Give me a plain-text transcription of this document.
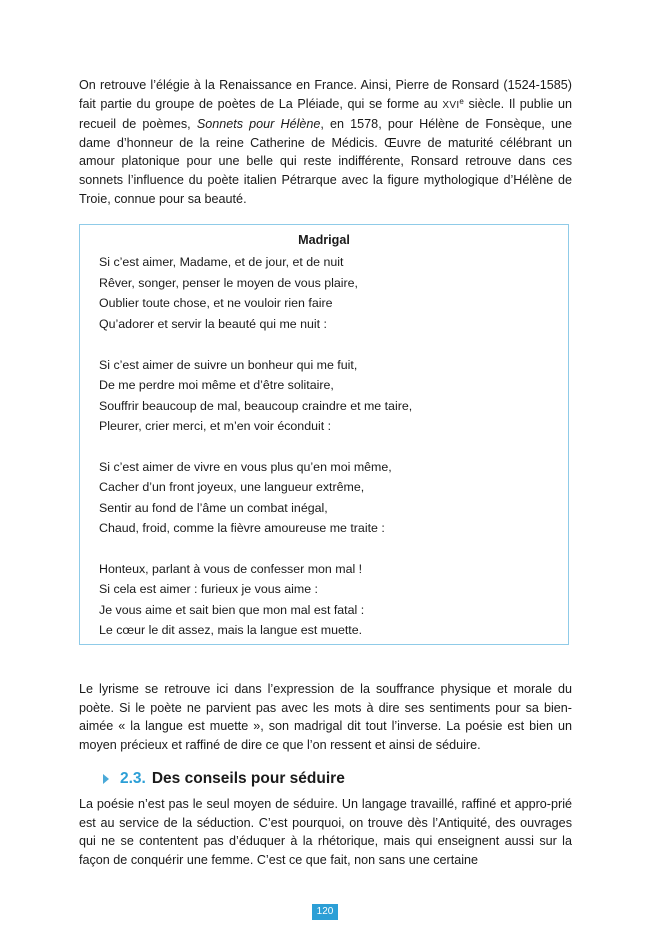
On retrouve l’élégie à la Renaissance en France. Ainsi, Pierre de Ronsard (1524-1585) fait partie du groupe de poètes de La Pléiade, qui se forme au XVIe siècle. Il publie un recueil de poèmes, Sonnets pour Hélène, en 1578, pour Hélène de Fonsèque, une dame d’honneur de la reine Catherine de Médicis. Œuvre de maturité célébrant un amour platonique pour une belle qui reste indifférente, Ronsard retrouve dans ces sonnets l’influence du poète italien Pétrarque avec la figure mythologique d’Hélène de Troie, connue pour sa beauté.

Madrigal
Si c’est aimer, Madame, et de jour, et de nuit
Rêver, songer, penser le moyen de vous plaire,
Oublier toute chose, et ne vouloir rien faire
Qu’adorer et servir la beauté qui me nuit :
Si c’est aimer de suivre un bonheur qui me fuit,
De me perdre moi même et d’être solitaire,
Souffrir beaucoup de mal, beaucoup craindre et me taire,
Pleurer, crier merci, et m’en voir éconduit :
Si c’est aimer de vivre en vous plus qu’en moi même,
Cacher d’un front joyeux, une langueur extrême,
Sentir au fond de l’âme un combat inégal,
Chaud, froid, comme la fièvre amoureuse me traite :
Honteux, parlant à vous de confesser mon mal !
Si cela est aimer : furieux je vous aime :
Je vous aime et sait bien que mon mal est fatal :
Le cœur le dit assez, mais la langue est muette.

Le lyrisme se retrouve ici dans l’expression de la souffrance physique et morale du poète. Si le poète ne parvient pas avec les mots à dire ses sentiments pour sa bien-aimée « la langue est muette », son madrigal dit tout l’inverse. La poésie est bien un moyen précieux et raffiné de dire ce que l’on ressent et ainsi de séduire.

2.3. Des conseils pour séduire

La poésie n’est pas le seul moyen de séduire. Un langage travaillé, raffiné et appro-prié est au service de la séduction. C’est pourquoi, on trouve dès l’Antiquité, des ouvrages qui ne se contentent pas d’éduquer à la rhétorique, mais qui enseignent aussi sur la façon de conquérir une femme. C’est ce que fait, non sans une certaine

120
